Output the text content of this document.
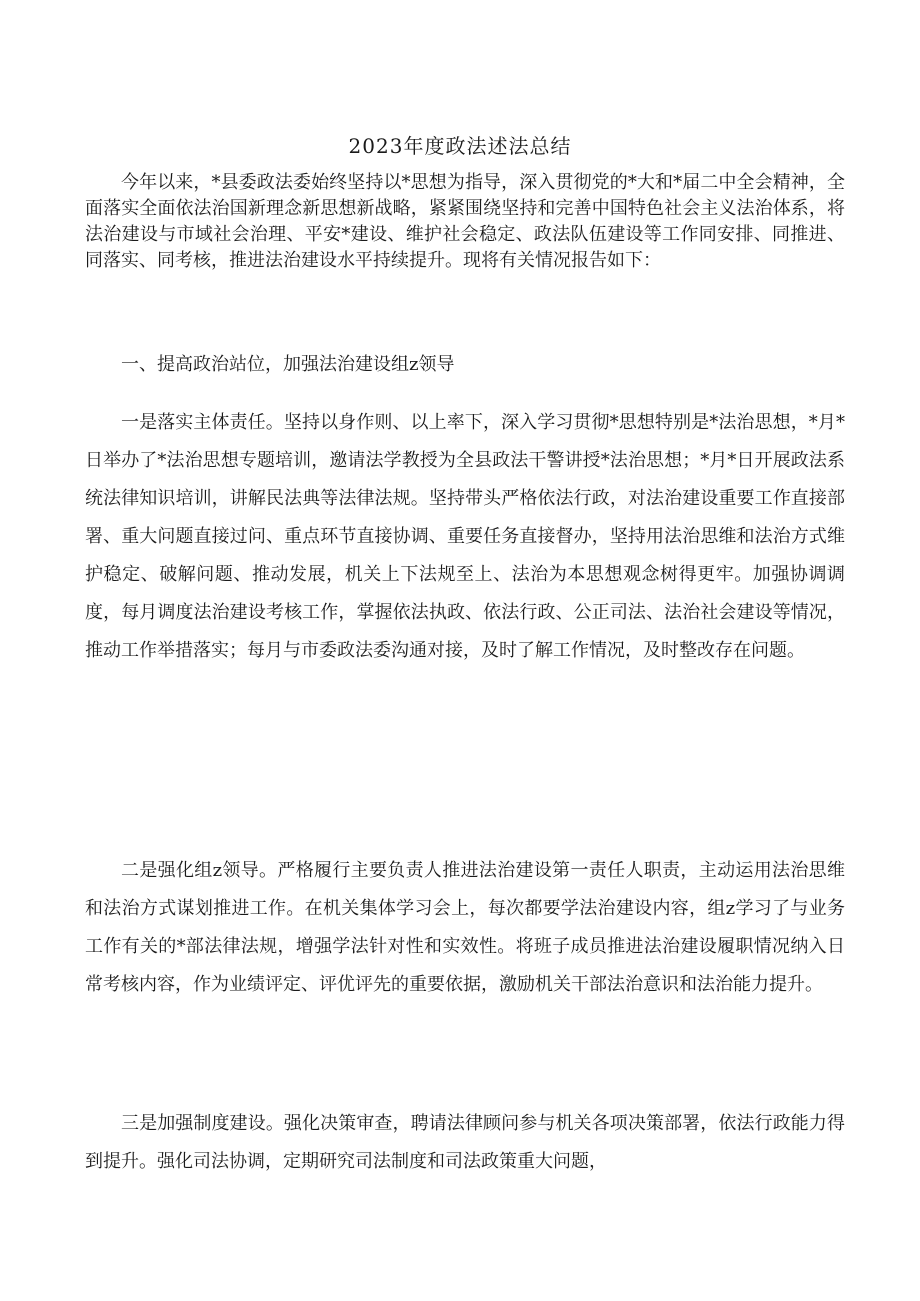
2023年度政法述法总结

今年以来，*县委政法委始终坚持以*思想为指导，深入贯彻党的*大和*届二中全会精神，全面落实全面依法治国新理念新思想新战略，紧紧围绕坚持和完善中国特色社会主义法治体系，将法治建设与市域社会治理、平安*建设、维护社会稳定、政法队伍建设等工作同安排、同推进、同落实、同考核，推进法治建设水平持续提升。现将有关情况报告如下：

一、提高政治站位，加强法治建设组z领导

一是落实主体责任。坚持以身作则、以上率下，深入学习贯彻*思想特别是*法治思想，*月*日举办了*法治思想专题培训，邀请法学教授为全县政法干警讲授*法治思想；*月*日开展政法系统法律知识培训，讲解民法典等法律法规。坚持带头严格依法行政，对法治建设重要工作直接部署、重大问题直接过问、重点环节直接协调、重要任务直接督办，坚持用法治思维和法治方式维护稳定、破解问题、推动发展，机关上下法规至上、法治为本思想观念树得更牢。加强协调调度，每月调度法治建设考核工作，掌握依法执政、依法行政、公正司法、法治社会建设等情况，推动工作举措落实；每月与市委政法委沟通对接，及时了解工作情况，及时整改存在问题。

二是强化组z领导。严格履行主要负责人推进法治建设第一责任人职责，主动运用法治思维和法治方式谋划推进工作。在机关集体学习会上，每次都要学法治建设内容，组z学习了与业务工作有关的*部法律法规，增强学法针对性和实效性。将班子成员推进法治建设履职情况纳入日常考核内容，作为业绩评定、评优评先的重要依据，激励机关干部法治意识和法治能力提升。

三是加强制度建设。强化决策审查，聘请法律顾问参与机关各项决策部署，依法行政能力得到提升。强化司法协调，定期研究司法制度和司法政策重大问题，
